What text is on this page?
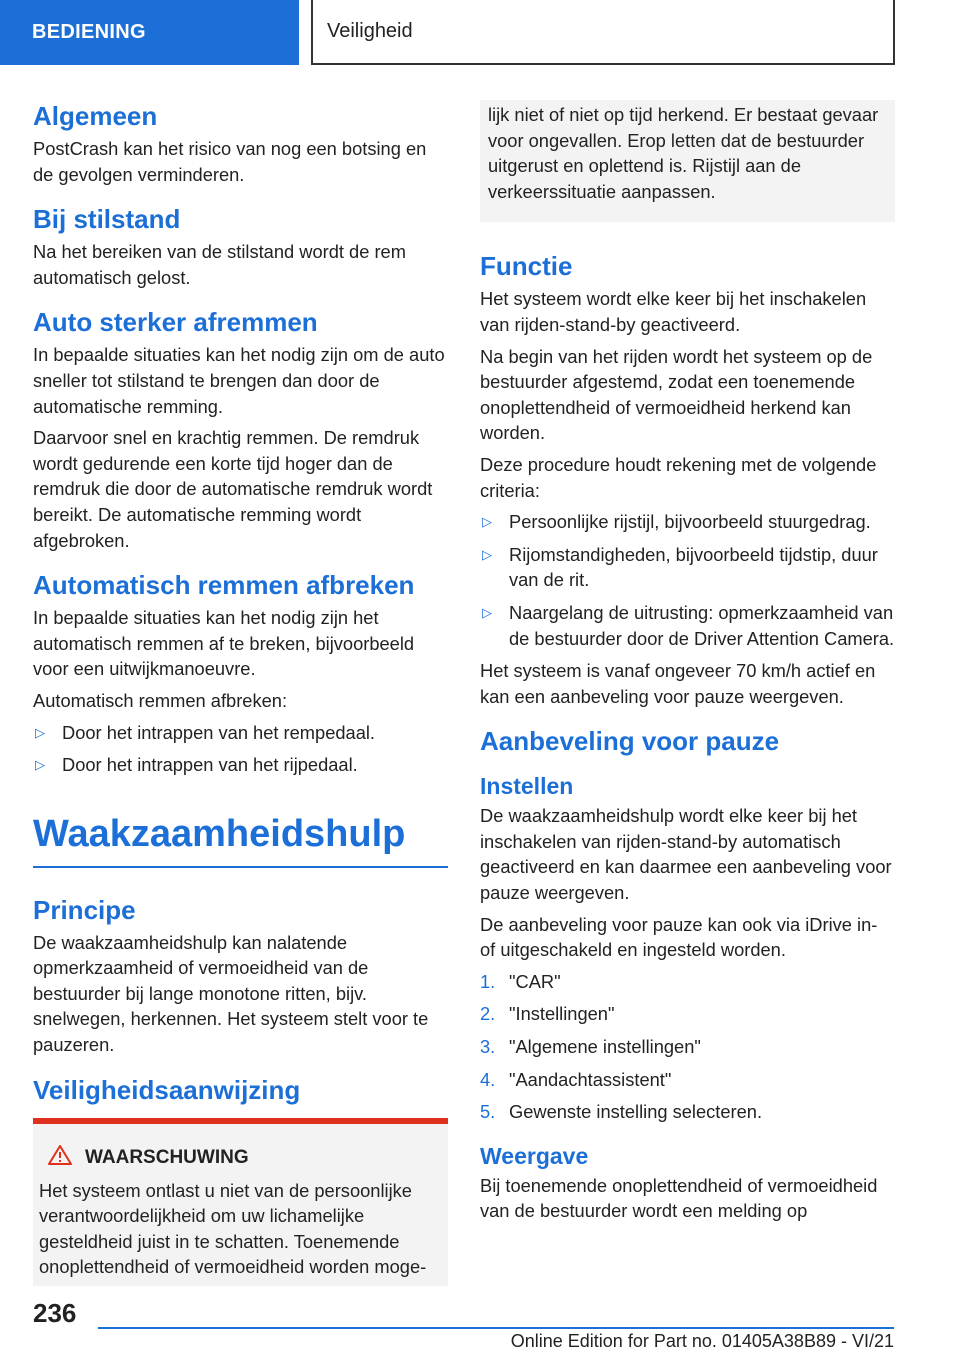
BEDIENING	Veiligheid
Algemeen

PostCrash kan het risico van nog een botsing en de gevolgen verminderen.

Bij stilstand

Na het bereiken van de stilstand wordt de rem automatisch gelost.

Auto sterker afremmen

In bepaalde situaties kan het nodig zijn om de auto sneller tot stilstand te brengen dan door de automatische remming.

Daarvoor snel en krachtig remmen. De remdruk wordt gedurende een korte tijd hoger dan de remdruk die door de automatische remdruk wordt bereikt. De automatische remming wordt afgebroken.

Automatisch remmen afbreken

In bepaalde situaties kan het nodig zijn het automatisch remmen af te breken, bijvoorbeeld voor een uitwijkmanoeuvre.

Automatisch remmen afbreken:

▷ Door het intrappen van het rempedaal.
▷ Door het intrappen van het rijpedaal.
Waakzaamheidshulp
Principe

De waakzaamheidshulp kan nalatende opmerkzaamheid of vermoeidheid van de bestuurder bij lange monotone ritten, bijv. snelwegen, herkennen. Het systeem stelt voor te pauzeren.

Veiligheidsaanwijzing
WAARSCHUWING

Het systeem ontlast u niet van de persoonlijke verantwoordelijkheid om uw lichamelijke gesteldheid juist in te schatten. Toenemende onoplettendheid of vermoeidheid worden moge-

lijk niet of niet op tijd herkend. Er bestaat gevaar voor ongevallen. Erop letten dat de bestuurder uitgerust en oplettend is. Rijstijl aan de verkeerssituatie aanpassen.

Functie

Het systeem wordt elke keer bij het inschakelen van rijden-stand-by geactiveerd.

Na begin van het rijden wordt het systeem op de bestuurder afgestemd, zodat een toenemende onoplettendheid of vermoeidheid herkend kan worden.

Deze procedure houdt rekening met de volgende criteria:

▷ Persoonlijke rijstijl, bijvoorbeeld stuurgedrag.
▷ Rijomstandigheden, bijvoorbeeld tijdstip, duur van de rit.
▷ Naargelang de uitrusting: opmerkzaamheid van de bestuurder door de Driver Attention Camera.

Het systeem is vanaf ongeveer 70 km/h actief en kan een aanbeveling voor pauze weergeven.

Aanbeveling voor pauze
Instellen

De waakzaamheidshulp wordt elke keer bij het inschakelen van rijden-stand-by automatisch geactiveerd en kan daarmee een aanbeveling voor pauze weergeven.

De aanbeveling voor pauze kan ook via iDrive in- of uitgeschakeld en ingesteld worden.

1. "CAR"
2. "Instellingen"
3. "Algemene instellingen"
4. "Aandachtassistent"
5. Gewenste instelling selecteren.
Weergave

Bij toenemende onoplettendheid of vermoeidheid van de bestuurder wordt een melding op

236
Online Edition for Part no. 01405A38B89 - VI/21
